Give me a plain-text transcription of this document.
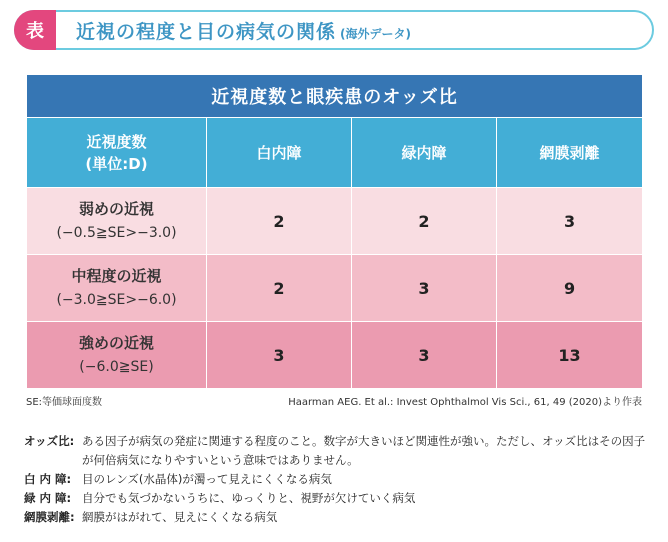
表	近視の程度と目の病気の関係 (海外データ)
近視度数と眼疾患のオッズ比			

近視度数
(単位:D)	白内障	緑内障	網膜剥離

弱めの近視
(−0.5≧SE>−3.0)	2	2	3

中程度の近視
(−3.0≧SE>−6.0)	2	3	9

強めの近視
(−6.0≧SE)	3	3	13
SE:等価球面度数	Haarman AEG. Et al.: Invest Ophthalmol Vis Sci., 61, 49 (2020)より作表
オッズ比: ある因子が病気の発症に関連する程度のこと。数字が大きいほど関連性が強い。ただし、オッズ比はその因子が何倍病気になりやすいという意味ではありません。
白 内 障: 目のレンズ(水晶体)が濁って見えにくくなる病気
緑 内 障: 自分でも気づかないうちに、ゆっくりと、視野が欠けていく病気
網膜剥離: 網膜がはがれて、見えにくくなる病気
